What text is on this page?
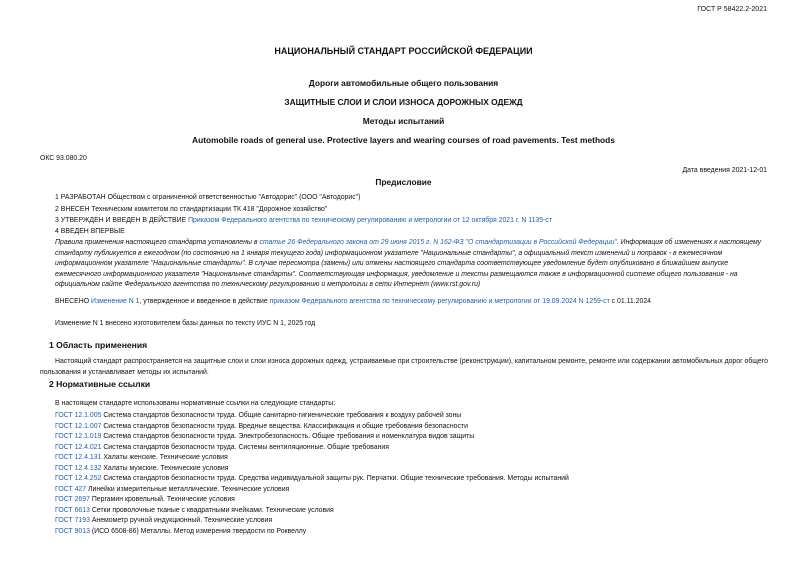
ГОСТ Р 58422.2-2021
НАЦИОНАЛЬНЫЙ СТАНДАРТ РОССИЙСКОЙ ФЕДЕРАЦИИ
Дороги автомобильные общего пользования
ЗАЩИТНЫЕ СЛОИ И СЛОИ ИЗНОСА ДОРОЖНЫХ ОДЕЖД
Методы испытаний
Automobile roads of general use. Protective layers and wearing courses of road pavements. Test methods
ОКС 93.080.20
Дата введения 2021-12-01
Предисловие
1 РАЗРАБОТАН Обществом с ограниченной ответственностью "Автодорис" (ООО "Автодорис")
2 ВНЕСЕН Техническим комитетом по стандартизации ТК 418 "Дорожное хозяйство"
3 УТВЕРЖДЕН И ВВЕДЕН В ДЕЙСТВИЕ Приказом Федерального агентства по техническому регулированию и метрологии от 12 октября 2021 г. N 1135-ст
4 ВВЕДЕН ВПЕРВЫЕ
Правила применения настоящего стандарта установлены в статье 26 Федерального закона от 29 июня 2015 г. N 162-ФЗ "О стандартизации в Российской Федерации". Информация об изменениях к настоящему стандарту публикуется в ежегодном (по состоянию на 1 января текущего года) информационном указателе "Национальные стандарты", а официальный текст изменений и поправок - в ежемесячном информационном указателе "Национальные стандарты". В случае пересмотра (замены) или отмены настоящего стандарта соответствующее уведомление будет опубликовано в ближайшем выпуске ежемесячного информационного указателя "Национальные стандарты". Соответствующая информация, уведомление и тексты размещаются также в информационной системе общего пользования - на официальном сайте Федерального агентства по техническому регулированию и метрологии в сети Интернет (www.rst.gov.ru)
ВНЕСЕНО Изменение N 1, утвержденное и введенное в действие приказом Федерального агентства по техническому регулированию и метрологии от 19.09.2024 N 1259-ст с 01.11.2024
Изменение N 1 внесено изготовителем базы данных по тексту ИУС N 1, 2025 год
1 Область применения
Настоящий стандарт распространяется на защитные слои и слои износа дорожных одежд, устраиваемые при строительстве (реконструкции), капитальном ремонте, ремонте или содержании автомобильных дорог общего пользования и устанавливает методы их испытаний.
2 Нормативные ссылки
В настоящем стандарте использованы нормативные ссылки на следующие стандарты:
ГОСТ 12.1.005 Система стандартов безопасности труда. Общие санитарно-гигиенические требования к воздуху рабочей зоны
ГОСТ 12.1.007 Система стандартов безопасности труда. Вредные вещества. Классификация и общие требования безопасности
ГОСТ 12.1.019 Система стандартов безопасности труда. Электробезопасность. Общие требования и номенклатура видов защиты
ГОСТ 12.4.021 Система стандартов безопасности труда. Системы вентиляционные. Общие требования
ГОСТ 12.4.131 Халаты женские. Технические условия
ГОСТ 12.4.132 Халаты мужские. Технические условия
ГОСТ 12.4.252 Система стандартов безопасности труда. Средства индивидуальной защиты рук. Перчатки. Общие технические требования. Методы испытаний
ГОСТ 427 Линейки измерительные металлические. Технические условия
ГОСТ 2697 Пергамин кровельный. Технические условия
ГОСТ 6613 Сетки проволочные тканые с квадратными ячейками. Технические условия
ГОСТ 7193 Анемометр ручной индукционный. Технические условия
ГОСТ 9013 (ИСО 6508-86) Металлы. Метод измерения твердости по Роквеллу
